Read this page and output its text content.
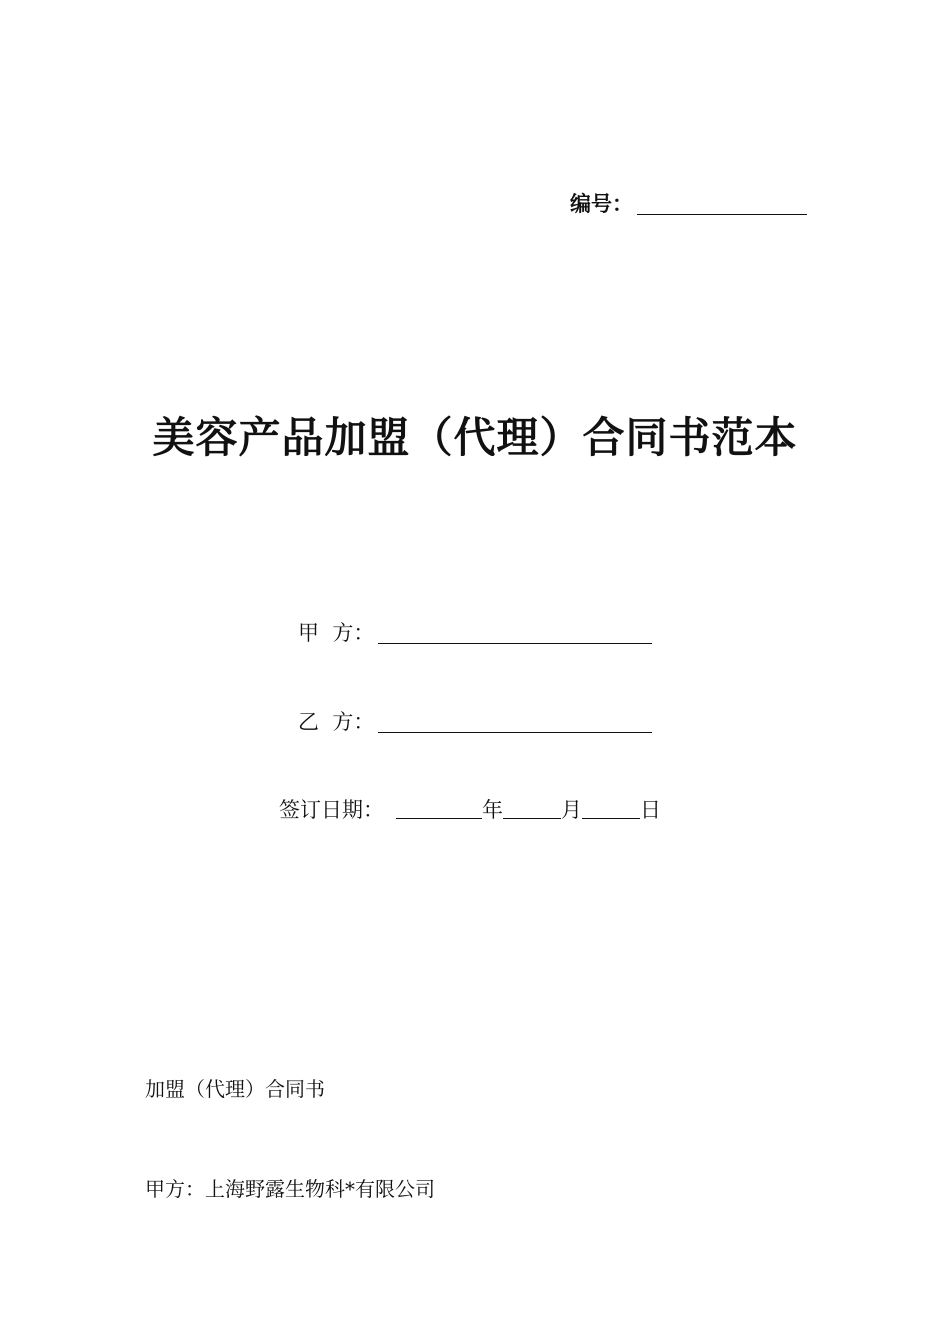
编号：
美容产品加盟（代理）合同书范本
甲  方：
乙  方：
签订日期：	年	月	日
加盟（代理）合同书
甲方：上海野露生物科*有限公司
